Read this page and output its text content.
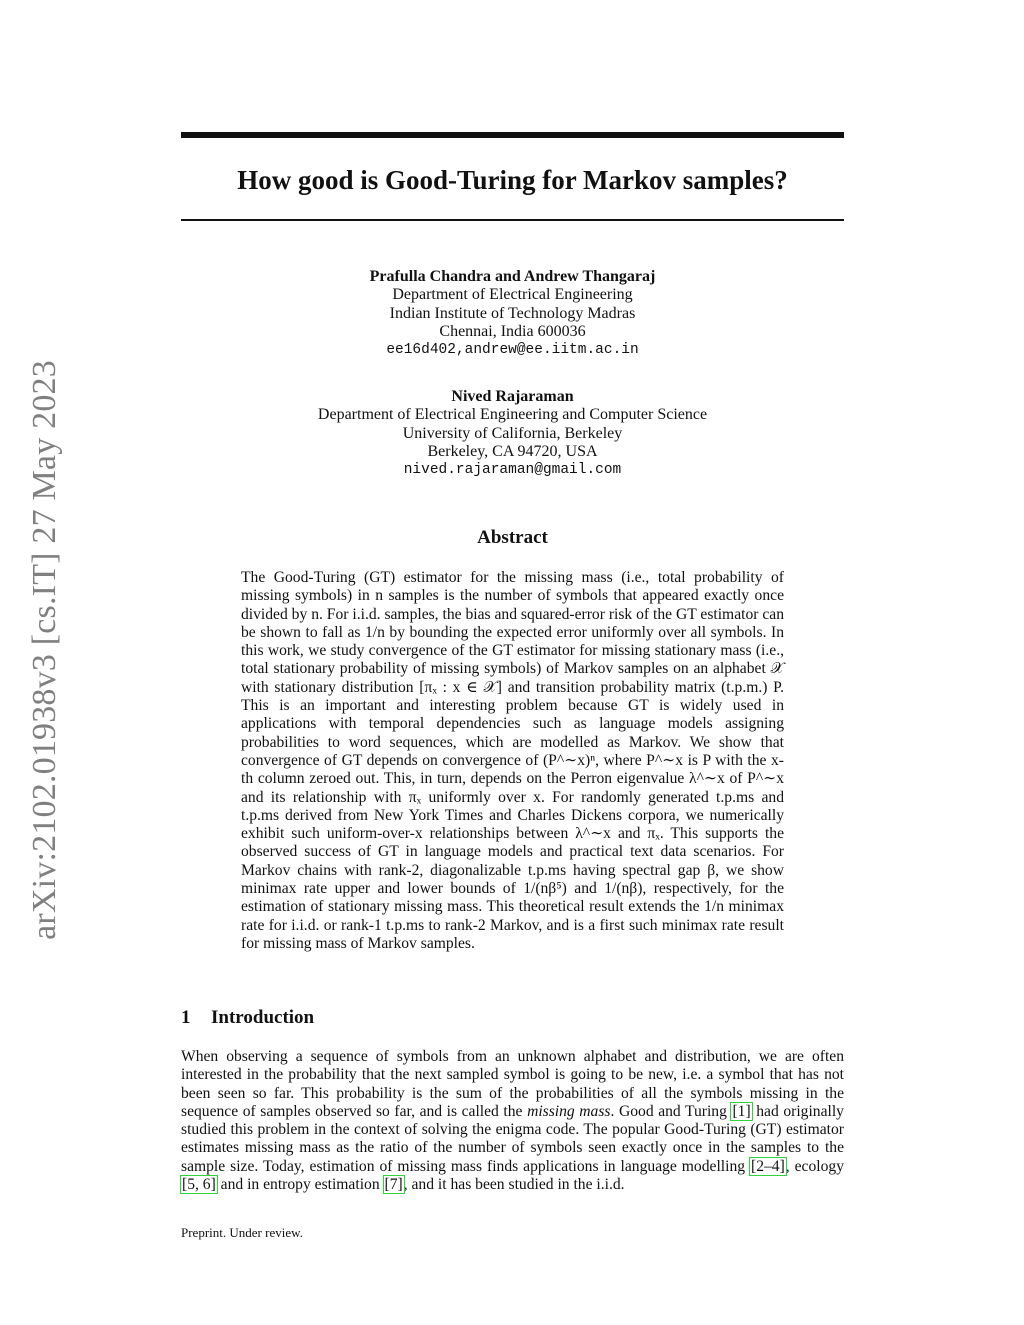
arXiv:2102.01938v3 [cs.IT] 27 May 2023
How good is Good-Turing for Markov samples?
Prafulla Chandra and Andrew Thangaraj
Department of Electrical Engineering
Indian Institute of Technology Madras
Chennai, India 600036
ee16d402,andrew@ee.iitm.ac.in
Nived Rajaraman
Department of Electrical Engineering and Computer Science
University of California, Berkeley
Berkeley, CA 94720, USA
nived.rajaraman@gmail.com
Abstract
The Good-Turing (GT) estimator for the missing mass (i.e., total probability of missing symbols) in n samples is the number of symbols that appeared exactly once divided by n. For i.i.d. samples, the bias and squared-error risk of the GT estimator can be shown to fall as 1/n by bounding the expected error uniformly over all symbols. In this work, we study convergence of the GT estimator for missing stationary mass (i.e., total stationary probability of missing symbols) of Markov samples on an alphabet 𝒳 with stationary distribution [πₓ : x ∈ 𝒳] and transition probability matrix (t.p.m.) P. This is an important and interesting problem because GT is widely used in applications with temporal dependencies such as language models assigning probabilities to word sequences, which are modelled as Markov. We show that convergence of GT depends on convergence of (P^∼x)ⁿ, where P^∼x is P with the x-th column zeroed out. This, in turn, depends on the Perron eigenvalue λ^∼x of P^∼x and its relationship with πₓ uniformly over x. For randomly generated t.p.ms and t.p.ms derived from New York Times and Charles Dickens corpora, we numerically exhibit such uniform-over-x relationships between λ^∼x and πₓ. This supports the observed success of GT in language models and practical text data scenarios. For Markov chains with rank-2, diagonalizable t.p.ms having spectral gap β, we show minimax rate upper and lower bounds of 1/(nβ⁵) and 1/(nβ), respectively, for the estimation of stationary missing mass. This theoretical result extends the 1/n minimax rate for i.i.d. or rank-1 t.p.ms to rank-2 Markov, and is a first such minimax rate result for missing mass of Markov samples.
1 Introduction
When observing a sequence of symbols from an unknown alphabet and distribution, we are often interested in the probability that the next sampled symbol is going to be new, i.e. a symbol that has not been seen so far. This probability is the sum of the probabilities of all the symbols missing in the sequence of samples observed so far, and is called the missing mass. Good and Turing [1] had originally studied this problem in the context of solving the enigma code. The popular Good-Turing (GT) estimator estimates missing mass as the ratio of the number of symbols seen exactly once in the samples to the sample size. Today, estimation of missing mass finds applications in language modelling [2–4], ecology [5, 6] and in entropy estimation [7], and it has been studied in the i.i.d.
Preprint. Under review.
